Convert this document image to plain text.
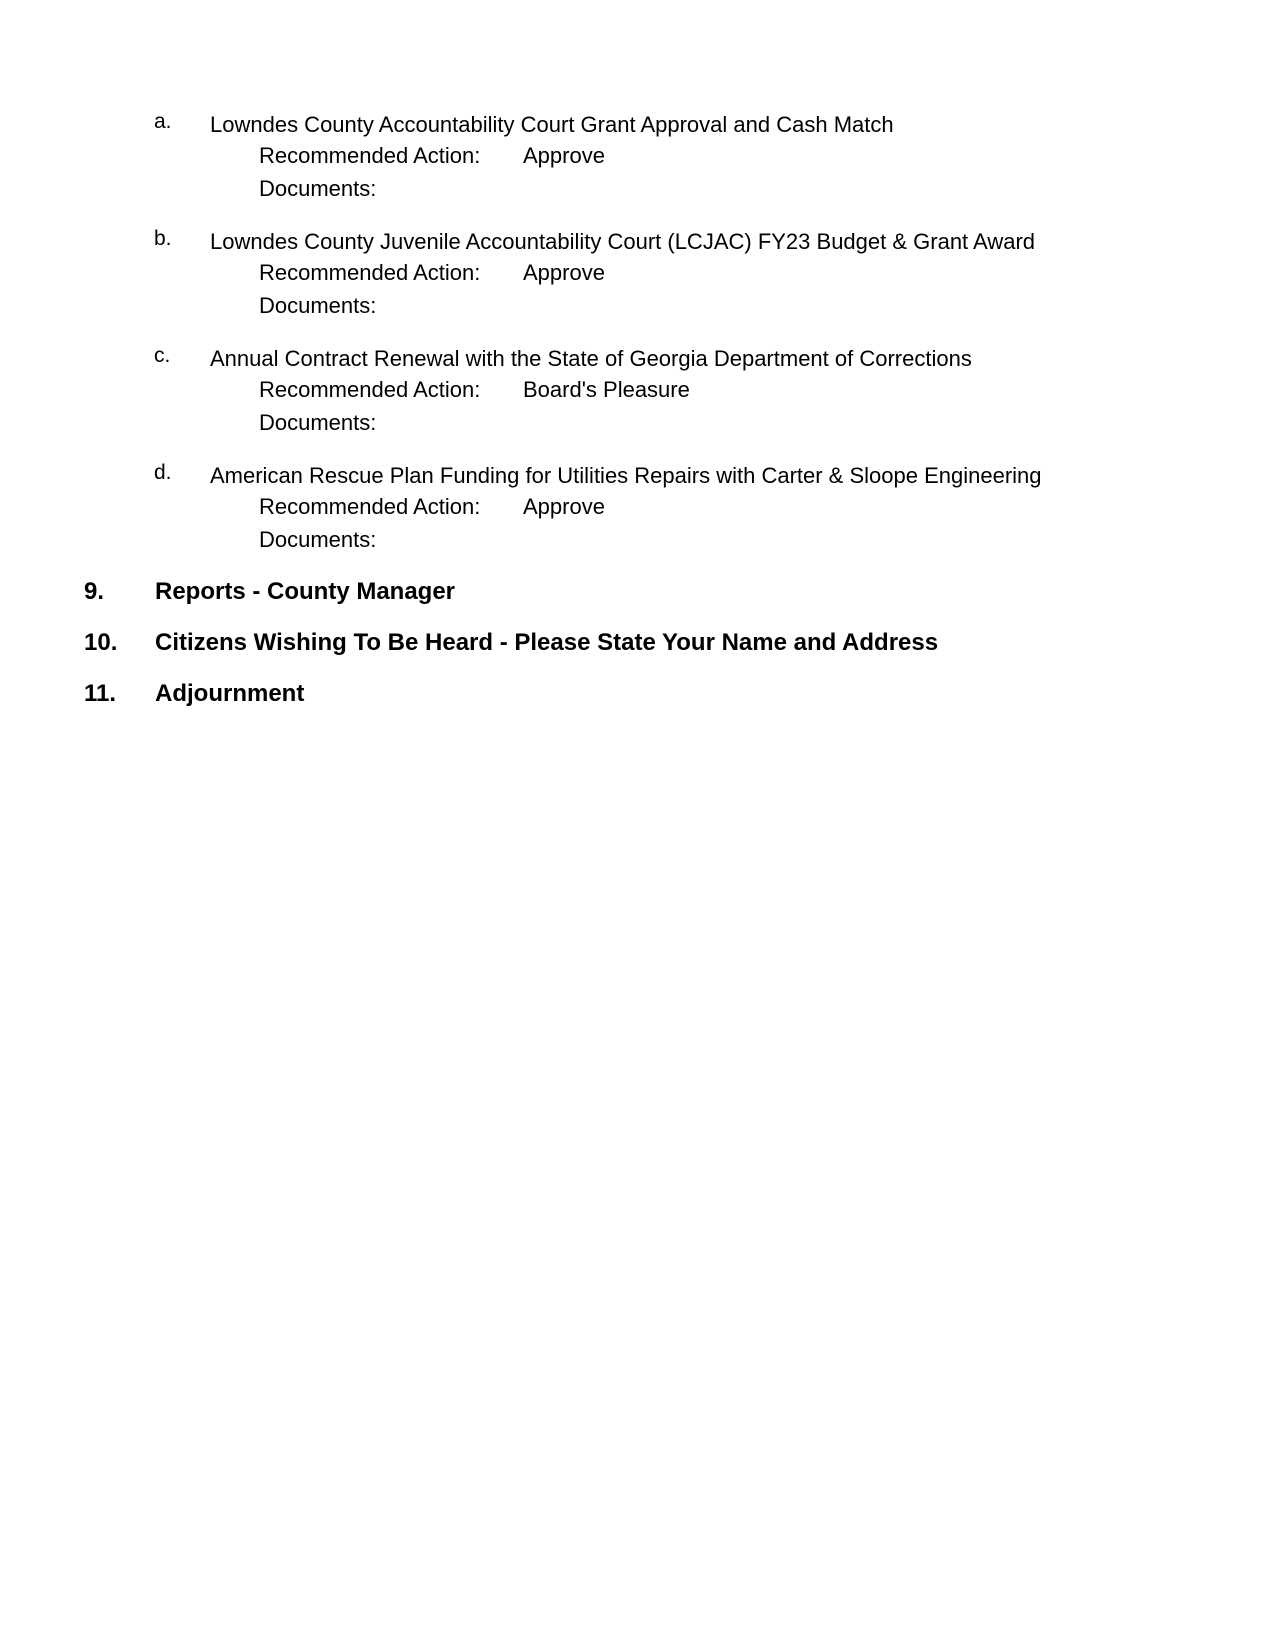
a. Lowndes County Accountability Court Grant Approval and Cash Match
Recommended Action: Approve
Documents:
b. Lowndes County Juvenile Accountability Court (LCJAC) FY23 Budget & Grant Award
Recommended Action: Approve
Documents:
c. Annual Contract Renewal with the State of Georgia Department of Corrections
Recommended Action: Board's Pleasure
Documents:
d. American Rescue Plan Funding for Utilities Repairs with Carter & Sloope Engineering
Recommended Action: Approve
Documents:
9. Reports - County Manager
10. Citizens Wishing To Be Heard - Please State Your Name and Address
11. Adjournment
